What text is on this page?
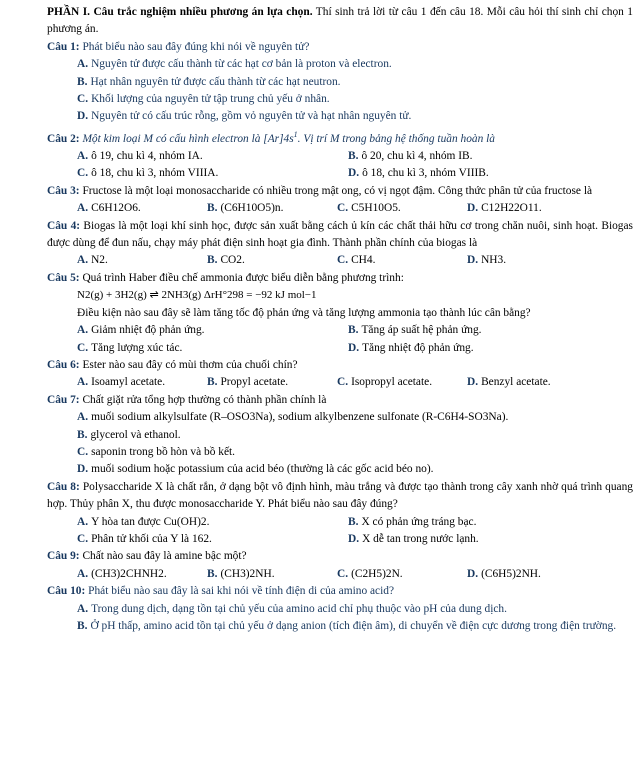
PHẦN I. Câu trắc nghiệm nhiều phương án lựa chọn. Thí sinh trả lời từ câu 1 đến câu 18. Mỗi câu hỏi thí sinh chỉ chọn 1 phương án.
Câu 1: Phát biểu nào sau đây đúng khi nói về nguyên tử?
A. Nguyên tử được cấu thành từ các hạt cơ bản là proton và electron.
B. Hạt nhân nguyên tử được cấu thành từ các hạt neutron.
C. Khối lượng của nguyên tử tập trung chủ yếu ở nhân.
D. Nguyên tử có cấu trúc rỗng, gồm vỏ nguyên tử và hạt nhân nguyên tử.
Câu 2: Một kim loại M có cấu hình electron là $[Ar]4s^1$. Vị trí M trong bảng hệ thống tuần hoàn là
A. ô 19, chu kì 4, nhóm IA.	B. ô 20, chu kì 4, nhóm IB.
C. ô 18, chu kì 3, nhóm VIIIA.	D. ô 18, chu kì 3, nhóm VIIIB.
Câu 3: Fructose là một loại monosaccharide có nhiều trong mật ong, có vị ngọt đậm. Công thức phân tử của fructose là
A. C6H12O6.	B. (C6H10O5)n.	C. C5H10O5.	D. C12H22O11.
Câu 4: Biogas là một loại khí sinh học, được sản xuất bằng cách ủ kín các chất thải hữu cơ trong chăn nuôi, sinh hoạt. Biogas được dùng để đun nấu, chạy máy phát điện sinh hoạt gia đình. Thành phần chính của biogas là
A. N2.	B. CO2.	C. CH4.	D. NH3.
Câu 5: Quá trình Haber điều chế ammonia được biểu diễn bằng phương trình:
N2(g) + 3H2(g) ⇌ 2NH3(g) ΔrH°298 = −92 kJ mol−1
Điều kiện nào sau đây sẽ làm tăng tốc độ phản ứng và tăng lượng ammonia tạo thành lúc cân bằng?
A. Giảm nhiệt độ phản ứng.	B. Tăng áp suất hệ phản ứng.
C. Tăng lượng xúc tác.	D. Tăng nhiệt độ phản ứng.
Câu 6: Ester nào sau đây có mùi thơm của chuối chín?
A. Isoamyl acetate.	B. Propyl acetate.	C. Isopropyl acetate.	D. Benzyl acetate.
Câu 7: Chất giặt rửa tổng hợp thường có thành phần chính là
A. muối sodium alkylsulfate (R–OSO3Na), sodium alkylbenzene sulfonate (R-C6H4-SO3Na).
B. glycerol và ethanol.
C. saponin trong bồ hòn và bồ kết.
D. muối sodium hoặc potassium của acid béo (thường là các gốc acid béo no).
Câu 8: Polysaccharide X là chất rắn, ở dạng bột vô định hình, màu trắng và được tạo thành trong cây xanh nhờ quá trình quang hợp. Thủy phân X, thu được monosaccharide Y. Phát biểu nào sau đây đúng?
A. Y hòa tan được Cu(OH)2.	B. X có phản ứng tráng bạc.
C. Phân tử khối của Y là 162.	D. X dễ tan trong nước lạnh.
Câu 9: Chất nào sau đây là amine bậc một?
A. (CH3)2CHNH2.	B. (CH3)2NH.	C. (C2H5)2N.	D. (C6H5)2NH.
Câu 10: Phát biểu nào sau đây là sai khi nói về tính điện di của amino acid?
A. Trong dung dịch, dạng tồn tại chủ yếu của amino acid chỉ phụ thuộc vào pH của dung dịch.
B. Ở pH thấp, amino acid tồn tại chủ yếu ở dạng anion (tích điện âm), di chuyển về điện cực dương trong điện trường.
